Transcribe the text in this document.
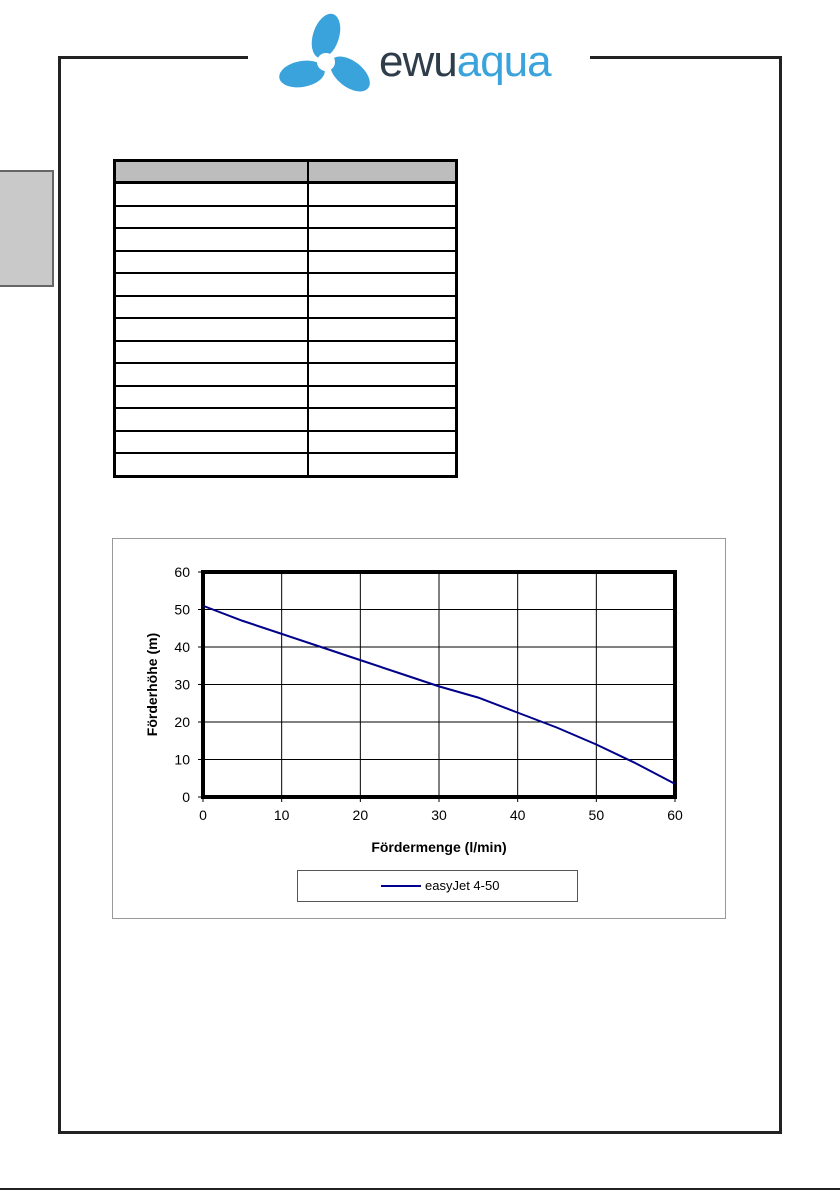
ewuaqua

0	10	20	30	40	50	60
0
10
20
30
40
50
60
Fördermenge (l/min)
Förderhöhe (m)
easyJet 4-50
